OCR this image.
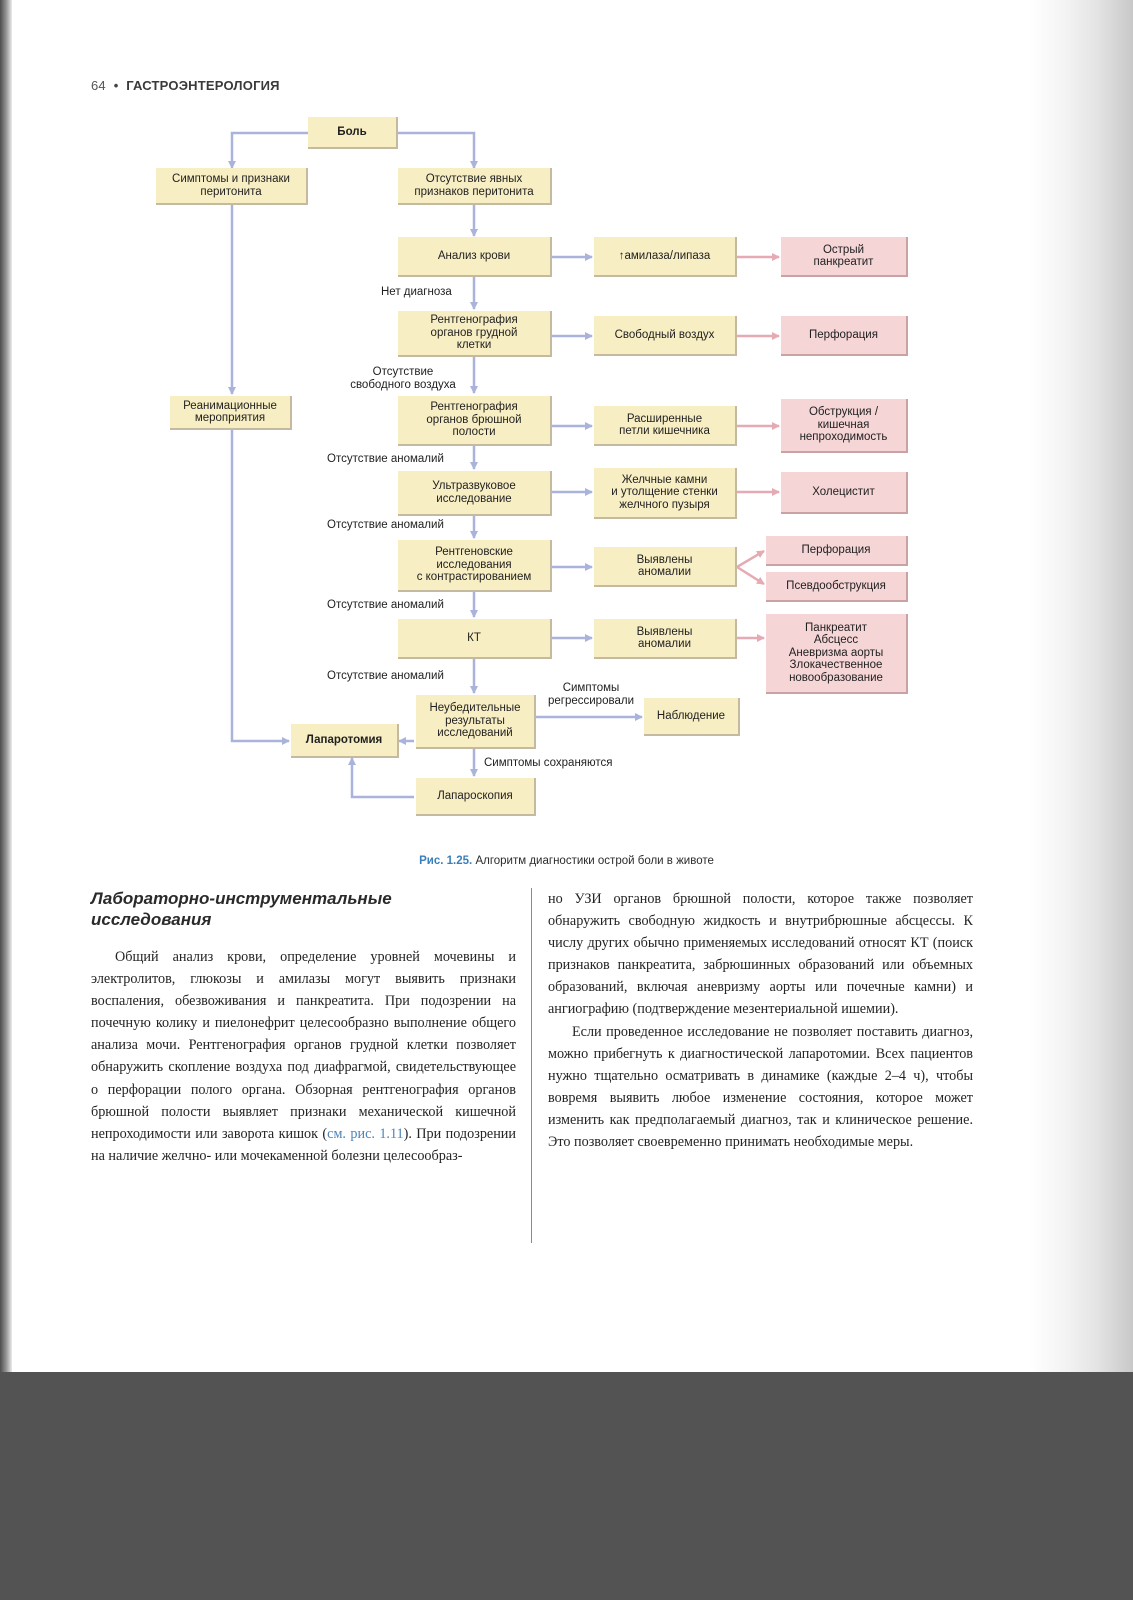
64 • ГАСТРОЭНТЕРОЛОГИЯ
Боль
Симптомы и признаки
перитонита
Отсутствие явных
признаков перитонита
Анализ крови	↑амилаза/липаза
Острый
панкреатит
Нет диагноза
Рентгенография
органов грудной
клетки
Свободный воздух	Перфорация
Отсутствие
свободного воздуха
Реанимационные
мероприятия
Рентгенография
органов брюшной
полости
Расширенные
петли кишечника
Обструкция /
кишечная
непроходимость
Отсутствие аномалий
Ультразвуковое
исследование
Желчные камни
и утолщение стенки
желчного пузыря
Холецистит
Отсутствие аномалий
Рентгеновские
исследования
с контрастированием
Выявлены
аномалии
Перфорация
Псевдообструкция
Отсутствие аномалий
КТ
Выявлены
аномалии
Панкреатит
Абсцесс
Аневризма аорты
Злокачественное
новообразование
Отсутствие аномалий
Симптомы
регрессировали
Неубедительные
результаты
исследований
Наблюдение
Лапаротомия
Симптомы сохраняются
Лапароскопия
Рис. 1.25. Алгоритм диагностики острой боли в животе
Лабораторно-инструментальные исследования

Общий анализ крови, определение уровней мочевины и электролитов, глюкозы и амилазы могут выявить признаки воспаления, обезвоживания и панкреатита. При подозрении на почечную колику и пиелонефрит целесообразно выполнение общего анализа мочи. Рентгенография органов грудной клетки позволяет обнаружить скопление воздуха под диафрагмой, свидетельствующее о перфорации полого органа. Обзорная рентгенография органов брюшной полости выявляет признаки механической кишечной непроходимости или заворота кишок (см. рис. 1.11). При подозрении на наличие желчно- или мочекаменной болезни целесообраз-

но УЗИ органов брюшной полости, которое также позволяет обнаружить свободную жидкость и внутрибрюшные абсцессы. К числу других обычно применяемых исследований относят КТ (поиск признаков панкреатита, забрюшинных образований или объемных образований, включая аневризму аорты или почечные камни) и ангиографию (подтверждение мезентериальной ишемии).

Если проведенное исследование не позволяет поставить диагноз, можно прибегнуть к диагностической лапаротомии. Всех пациентов нужно тщательно осматривать в динамике (каждые 2–4 ч), чтобы вовремя выявить любое изменение состояния, которое может изменить как предполагаемый диагноз, так и клиническое решение. Это позволяет своевременно принимать необходимые меры.
